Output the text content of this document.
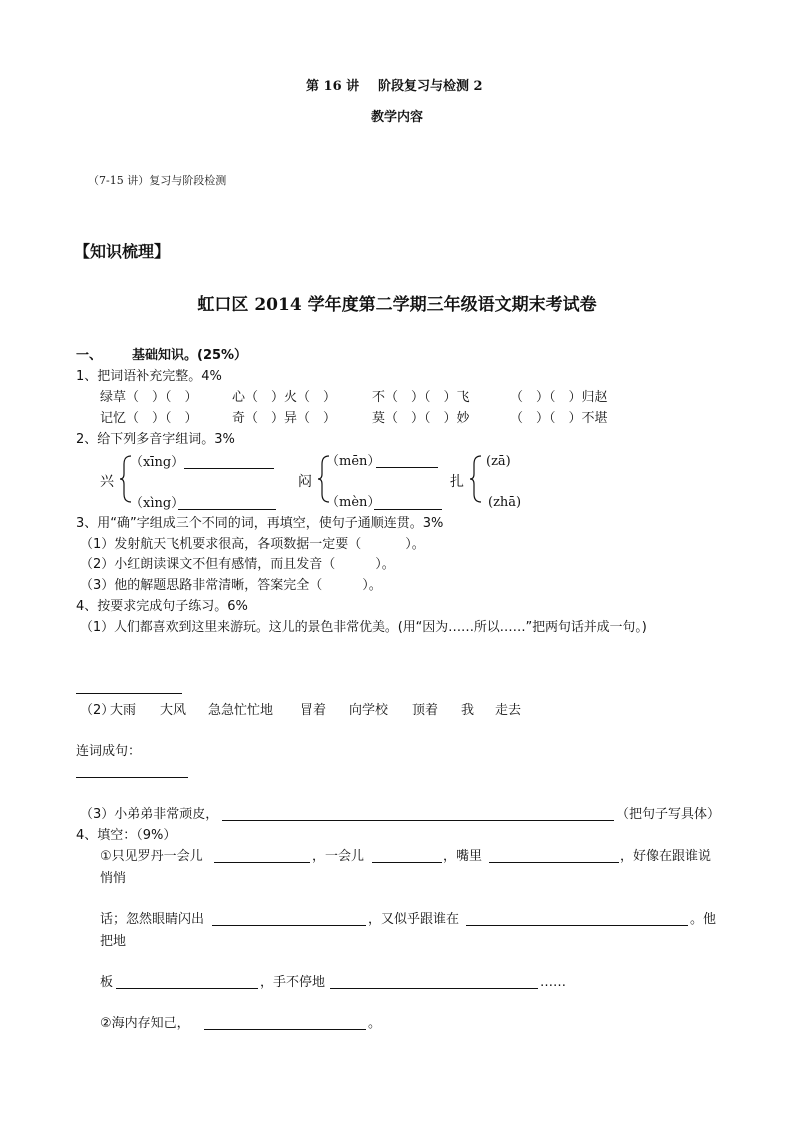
第 16 讲 阶段复习与检测 2
教学内容
（7-15 讲）复习与阶段检测
【知识梳理】
虹口区 2014 学年度第二学期三年级语文期末考试卷
一、 基础知识。(25%）
1、把词语补充完整。4%
绿草（　）（　）	心（　）火（　）	不（　）（　）飞	（　）（　）归赵
记忆（　）（　）	奇（　）异（　）	莫（　）（　）妙	（　）（　）不堪
2、给下列多音字组词。3%
兴
（xīng）
（xìng）
闷
（mēn）
（mèn）
扎
(zā)
(zhā)
3、用“确”字组成三个不同的词，再填空，使句子通顺连贯。3%
（1）发射航天飞机要求很高，各项数据一定要（	）。
（2）小红朗读课文不但有感情，而且发音（	）。
（3）他的解题思路非常清晰，答案完全（	）。
4、按要求完成句子练习。6%
（1）人们都喜欢到这里来游玩。这儿的景色非常优美。(用“因为……所以……”把两句话并成一句。)
（2）
大雨 大风 急急忙忙地 冒着 向学校 顶着 我 走去
连词成句：
（3）小弟弟非常顽皮，	（把句子写具体）
4、填空：（9%）
①只见罗丹一会儿	，一会儿	，嘴里	，好像在跟谁说
悄悄
话；忽然眼睛闪出	，又似乎跟谁在	。他
把地
板	，手不停地	……
②海内存知己，	。
